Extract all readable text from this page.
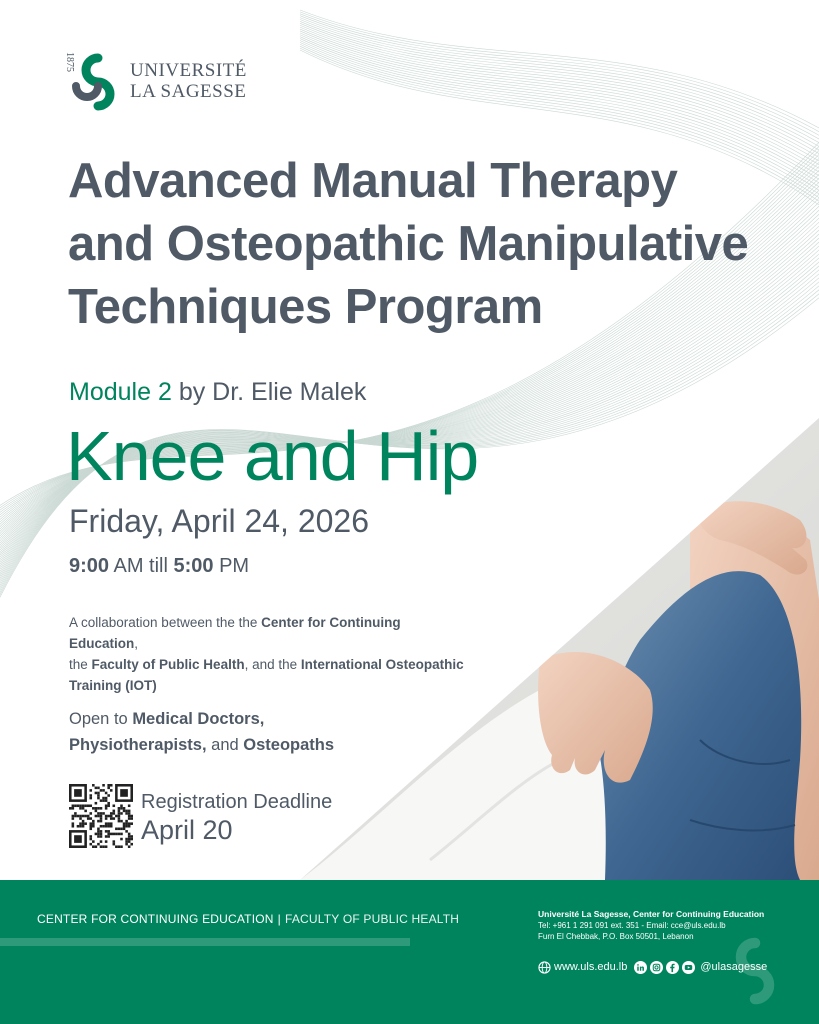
1875	UNIVERSITÉ
LA SAGESSE
Advanced Manual Therapy
and Osteopathic Manipulative
Techniques Program
Module 2 by Dr. Elie Malek
Knee and Hip
Friday, April 24, 2026
9:00 AM till 5:00 PM

A collaboration between the the Center for Continuing Education,
the Faculty of Public Health, and the International Osteopathic
Training (IOT)

Open to Medical Doctors,
Physiotherapists, and Osteopaths

Registration Deadline
April 20
CENTER FOR CONTINUING EDUCATION | FACULTY OF PUBLIC HEALTH	Université La Sagesse, Center for Continuing Education
Tel: +961 1 291 091 ext. 351 - Email: cce@uls.edu.lb
Furn El Chebbak, P.O. Box 50501, Lebanon
www.uls.edu.lb	@ulasagesse
